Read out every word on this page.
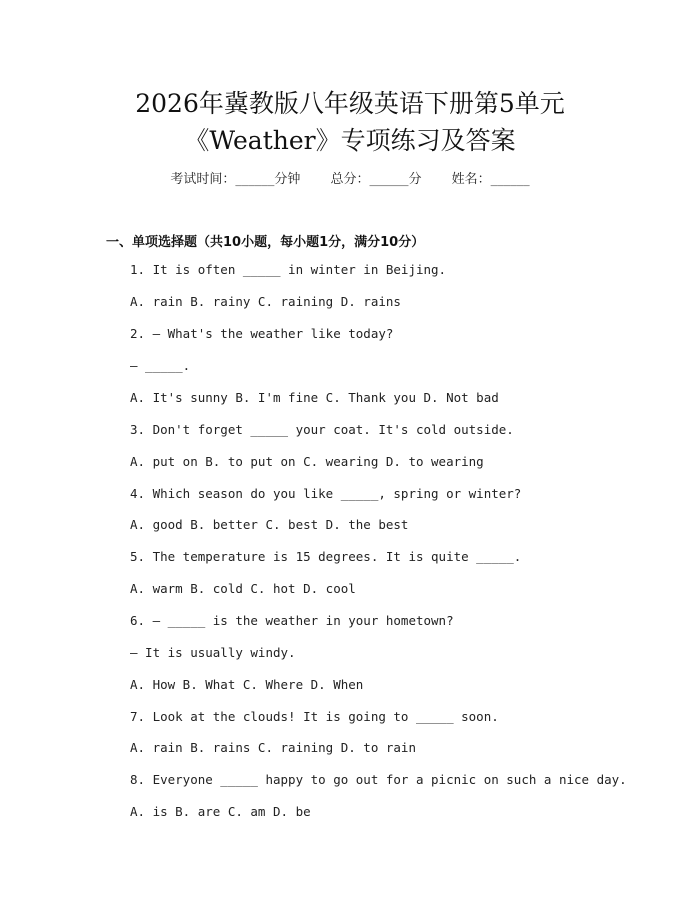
2026年冀教版八年级英语下册第5单元
《Weather》专项练习及答案
考试时间：______分钟 总分：______分 姓名：______
一、单项选择题（共10小题，每小题1分，满分10分）
1. It is often _____ in winter in Beijing.
A. rain B. rainy C. raining D. rains
2. — What's the weather like today?
— _____.
A. It's sunny B. I'm fine C. Thank you D. Not bad
3. Don't forget _____ your coat. It's cold outside.
A. put on B. to put on C. wearing D. to wearing
4. Which season do you like _____, spring or winter?
A. good B. better C. best D. the best
5. The temperature is 15 degrees. It is quite _____.
A. warm B. cold C. hot D. cool
6. — _____ is the weather in your hometown?
— It is usually windy.
A. How B. What C. Where D. When
7. Look at the clouds! It is going to _____ soon.
A. rain B. rains C. raining D. to rain
8. Everyone _____ happy to go out for a picnic on such a nice day.
A. is B. are C. am D. be
